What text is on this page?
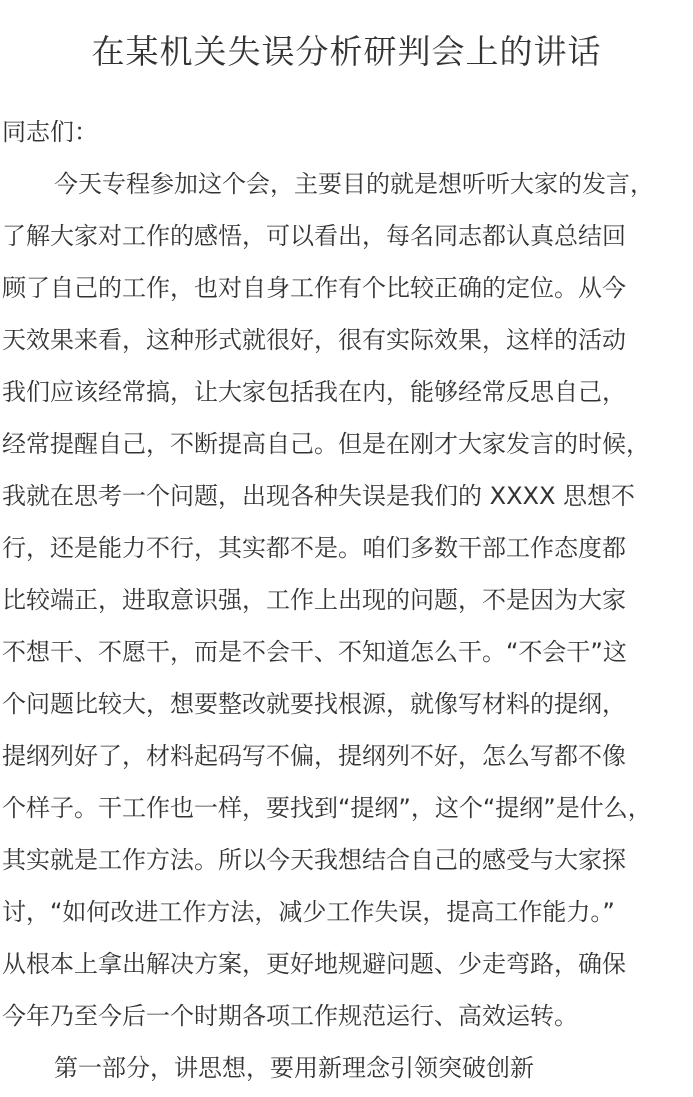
在某机关失误分析研判会上的讲话
同志们：
今天专程参加这个会，主要目的就是想听听大家的发言，
了解大家对工作的感悟，可以看出，每名同志都认真总结回
顾了自己的工作，也对自身工作有个比较正确的定位。从今
天效果来看，这种形式就很好，很有实际效果，这样的活动
我们应该经常搞，让大家包括我在内，能够经常反思自己，
经常提醒自己，不断提高自己。但是在刚才大家发言的时候，
我就在思考一个问题，出现各种失误是我们的 XXXX 思想不
行，还是能力不行，其实都不是。咱们多数干部工作态度都
比较端正，进取意识强，工作上出现的问题，不是因为大家
不想干、不愿干，而是不会干、不知道怎么干。“不会干”这
个问题比较大，想要整改就要找根源，就像写材料的提纲，
提纲列好了，材料起码写不偏，提纲列不好，怎么写都不像
个样子。干工作也一样，要找到“提纲”，这个“提纲”是什么，
其实就是工作方法。所以今天我想结合自己的感受与大家探
讨，“如何改进工作方法，减少工作失误，提高工作能力。”
从根本上拿出解决方案，更好地规避问题、少走弯路，确保
今年乃至今后一个时期各项工作规范运行、高效运转。
第一部分，讲思想，要用新理念引领突破创新
